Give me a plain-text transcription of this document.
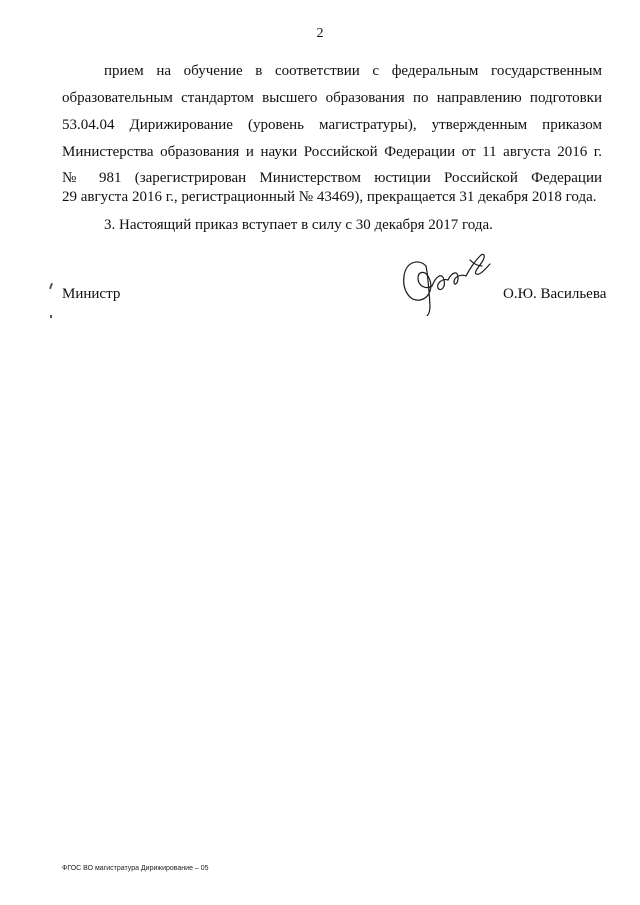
2
прием на обучение в соответствии с федеральным государственным
образовательным стандартом высшего образования по направлению подготовки
53.04.04 Дирижирование (уровень магистратуры), утвержденным приказом
Министерства образования и науки Российской Федерации от 11 августа 2016 г.
№ 981 (зарегистрирован Министерством юстиции Российской Федерации
29 августа 2016 г., регистрационный № 43469), прекращается 31 декабря 2018 года.
3. Настоящий приказ вступает в силу с 30 декабря 2017 года.
Министр	О.Ю. Васильева
ФГОС ВО магистратура Дирижирование – 05
